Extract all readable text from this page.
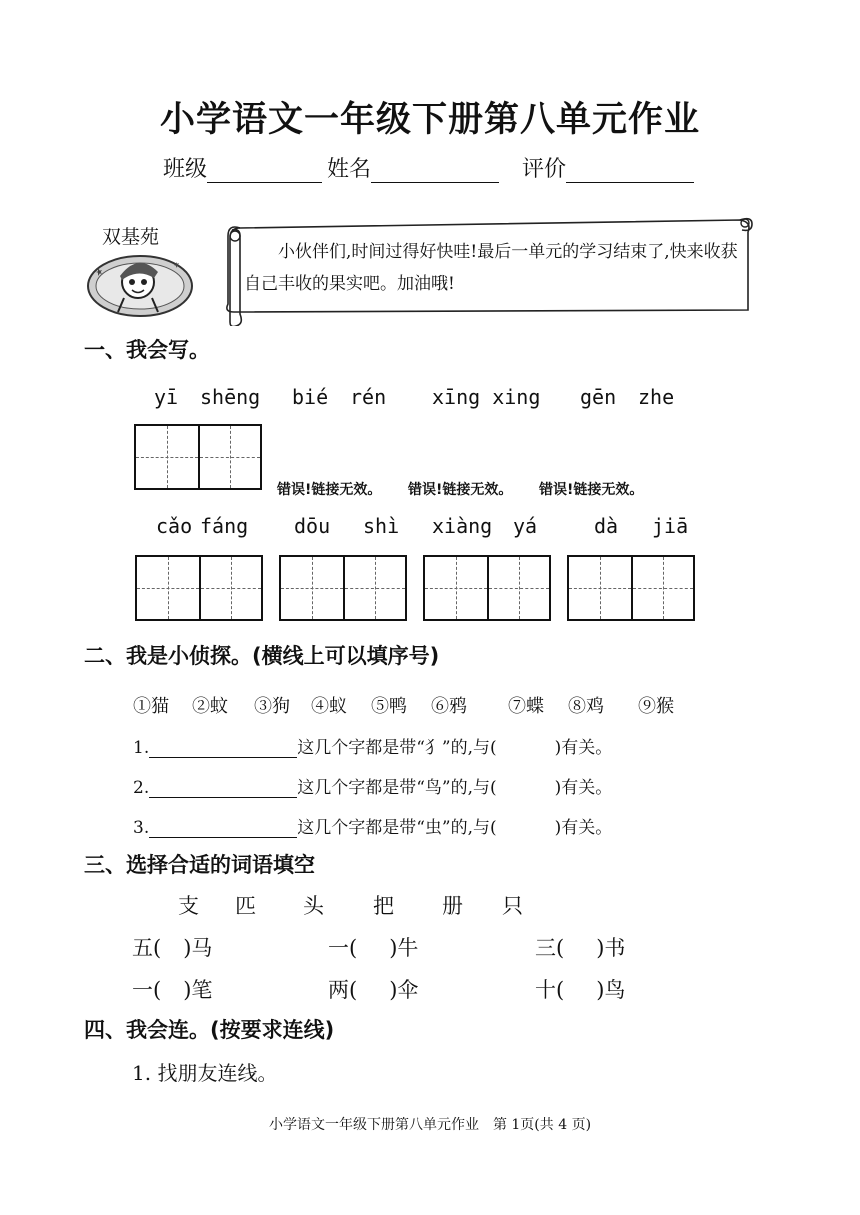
小学语文一年级下册第八单元作业
班级	姓名	评价
双基苑
小伙伴们,时间过得好快哇!最后一单元的学习结束了,快来收获自己丰收的果实吧。加油哦!
一、我会写。
yī shēng bié rén xīng xing gēn zhe
错误!链接无效。 错误!链接无效。 错误!链接无效。
cǎo fáng dōu shì xiàng yá	dà jiā
二、我是小侦探。(横线上可以填序号)
①猫 ②蚊 ③狗 ④蚁 ⑤鸭 ⑥鸦 ⑦蝶 ⑧鸡 ⑨猴
1.	这几个字都是带“犭”的,与(	)有关。
2.	这几个字都是带“鸟”的,与(	)有关。
3.	这几个字都是带“虫”的,与(	)有关。
三、选择合适的词语填空
支 匹 头 把 册 只
五( )马	一( )牛	三( )书
一( )笔	两( )伞	十( )鸟
四、我会连。(按要求连线)
1. 找朋友连线。
小学语文一年级下册第八单元作业　第 1页(共 4 页)
